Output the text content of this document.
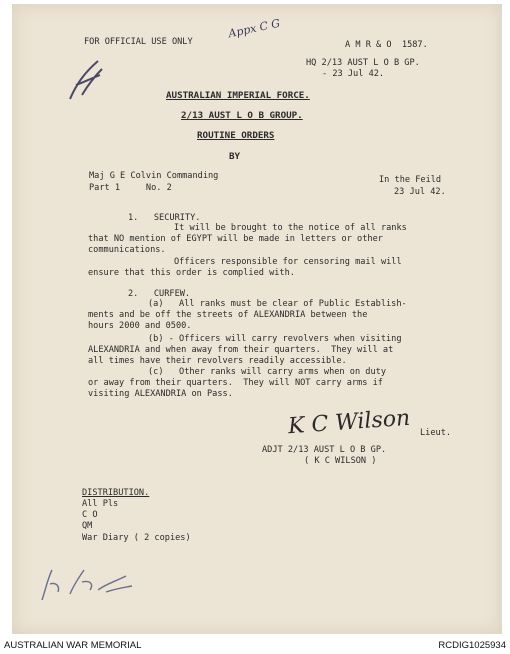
FOR OFFICIAL USE ONLY
Appx C G
A M R & O  1587.
HQ 2/13 AUST L O B GP.
- 23 Jul 42.
AUSTRALIAN IMPERIAL FORCE.
2/13 AUST L O B GROUP.
ROUTINE ORDERS
BY
Maj G E Colvin Commanding
Part 1     No. 2
In the Feild
23 Jul 42.
1.   SECURITY.
It will be brought to the notice of all ranks
that NO mention of EGYPT will be made in letters or other
communications.
Officers responsible for censoring mail will
ensure that this order is complied with.
2.   CURFEW.
(a)   All ranks must be clear of Public Establish-
ments and be off the streets of ALEXANDRIA between the
hours 2000 and 0500.
(b) - Officers will carry revolvers when visiting
ALEXANDRIA and when away from their quarters.  They will at
all times have their revolvers readily accessible.
(c)   Other ranks will carry arms when on duty
or away from their quarters.  They will NOT carry arms if
visiting ALEXANDRIA on Pass.
K C Wilson Lieut.
ADJT 2/13 AUST L O B GP.
( K C WILSON )
DISTRIBUTION.
All Pls
C O
QM
War Diary ( 2 copies)
AUSTRALIAN WAR MEMORIAL	RCDIG1025934
